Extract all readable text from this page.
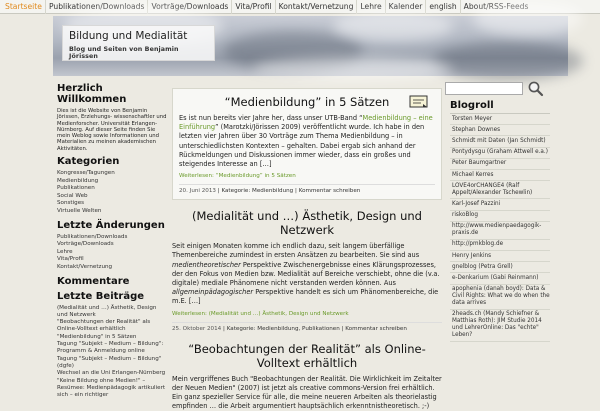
Startseite Publikationen/Downloads Vorträge/Downloads Vita/Profil Kontakt/Vernetzung Lehre Kalender english About/RSS-Feeds
Bildung und Medialität
Blog und Seiten von Benjamin Jörissen
Herzlich Willkommen

Dies ist die Website von Benjamin Jörissen, Erziehungs- wissenschaftler und Medienforscher. Universität Erlangen-Nürnberg. Auf dieser Seite finden Sie mein Weblog sowie Informationen und Materialien zu meinen akademischen Aktivitäten.

Kategorien
Kongresse/Tagungen
Medienbildung
Publikationen
Social Web
Sonstiges
Virtuelle Welten
Letzte Änderungen
Publikationen/Downloads
Vorträge/Downloads
Lehre
Vita/Profil
Kontakt/Vernetzung
Kommentare
Letzte Beiträge
(Medialität und …) Ästhetik, Design und Netzwerk
"Beobachtungen der Realität" als Online-Volltext erhältlich
"Medienbildung" in 5 Sätzen
Tagung "Subjekt – Medium – Bildung": Programm & Anmeldung online
Tagung "Subjekt – Medium – Bildung" (dgfe)
Wechsel an die Uni Erlangen-Nürnberg
"Keine Bildung ohne Medien!" – Resümee: Medienpädagogik artikuliert sich – ein richtiger
“Medienbildung” in 5 Sätzen

Es ist nun bereits vier Jahre her, dass unser UTB-Band “Medienbildung – eine Einführung” (Marotzki/Jörissen 2009) veröffentlicht wurde. Ich habe in den letzten vier Jahren über 30 Vorträge zum Thema Medienbildung – in unterschiedlichsten Kontexten – gehalten. Dabei ergab sich anhand der Rückmeldungen und Diskussionen immer wieder, dass ein großes und steigendes Interesse an […]

Weiterlesen: “Medienbildung” in 5 Sätzen

20. Juni 2013 | Kategorie: Medienbildung | Kommentar schreiben

(Medialität und …) Ästhetik, Design und Netzwerk

Seit einigen Monaten komme ich endlich dazu, seit langem überfällige Themenbereiche zumindest in ersten Ansätzen zu bearbeiten. Sie sind aus medientheoretischer Perspektive Zwischenergebnisse eines Klärungsprozesses, der den Fokus von Medien bzw. Medialität auf Bereiche verschiebt, ohne die (v.a. digitale) mediale Phänomene nicht verstanden werden können. Aus allgemeinpädagogischer Perspektive handelt es sich um Phänomenbereiche, die m.E. […]

Weiterlesen: (Medialität und …) Ästhetik, Design und Netzwerk

25. Oktober 2014 | Kategorie: Medienbildung, Publikationen | Kommentar schreiben

“Beobachtungen der Realität” als Online-Volltext erhältlich

Mein vergriffenes Buch "Beobachtungen der Realität. Die Wirklichkeit im Zeitalter der Neuen Medien" (2007) ist jetzt als creative commons-Version frei erhältlich. Ein ganz spezieller Service für alle, die meine neueren Arbeiten als theorielastig empfinden … die Arbeit argumentiert hauptsächlich erkenntnistheoretisch. ;-)

Blogroll
Torsten Meyer
Stephan Downes
Schmidt mit Daten (Jan Schmidt)
Pontydysgu (Graham Attwell e.a.)
Peter Baumgartner
Michael Kerres
LOVE4orCHANGE4 (Ralf Appelt/Alexander Tschewlin)
Karl-Josef Pazzini
riskoBlog
http://www.medienpaedagogik-praxis.de
http://pmkblog.de
Henry Jenkins
gnelblog (Petra Grell)
e-Denkarium (Gabi Reinmann)
apophenia (danah boyd): Data & Civil Rights: What we do when the data arrives
2heads.ch (Mandy Schiefner & Matthias Roth): JIM Studie 2014 und LehrerOnline: Das "echte" Leben?
